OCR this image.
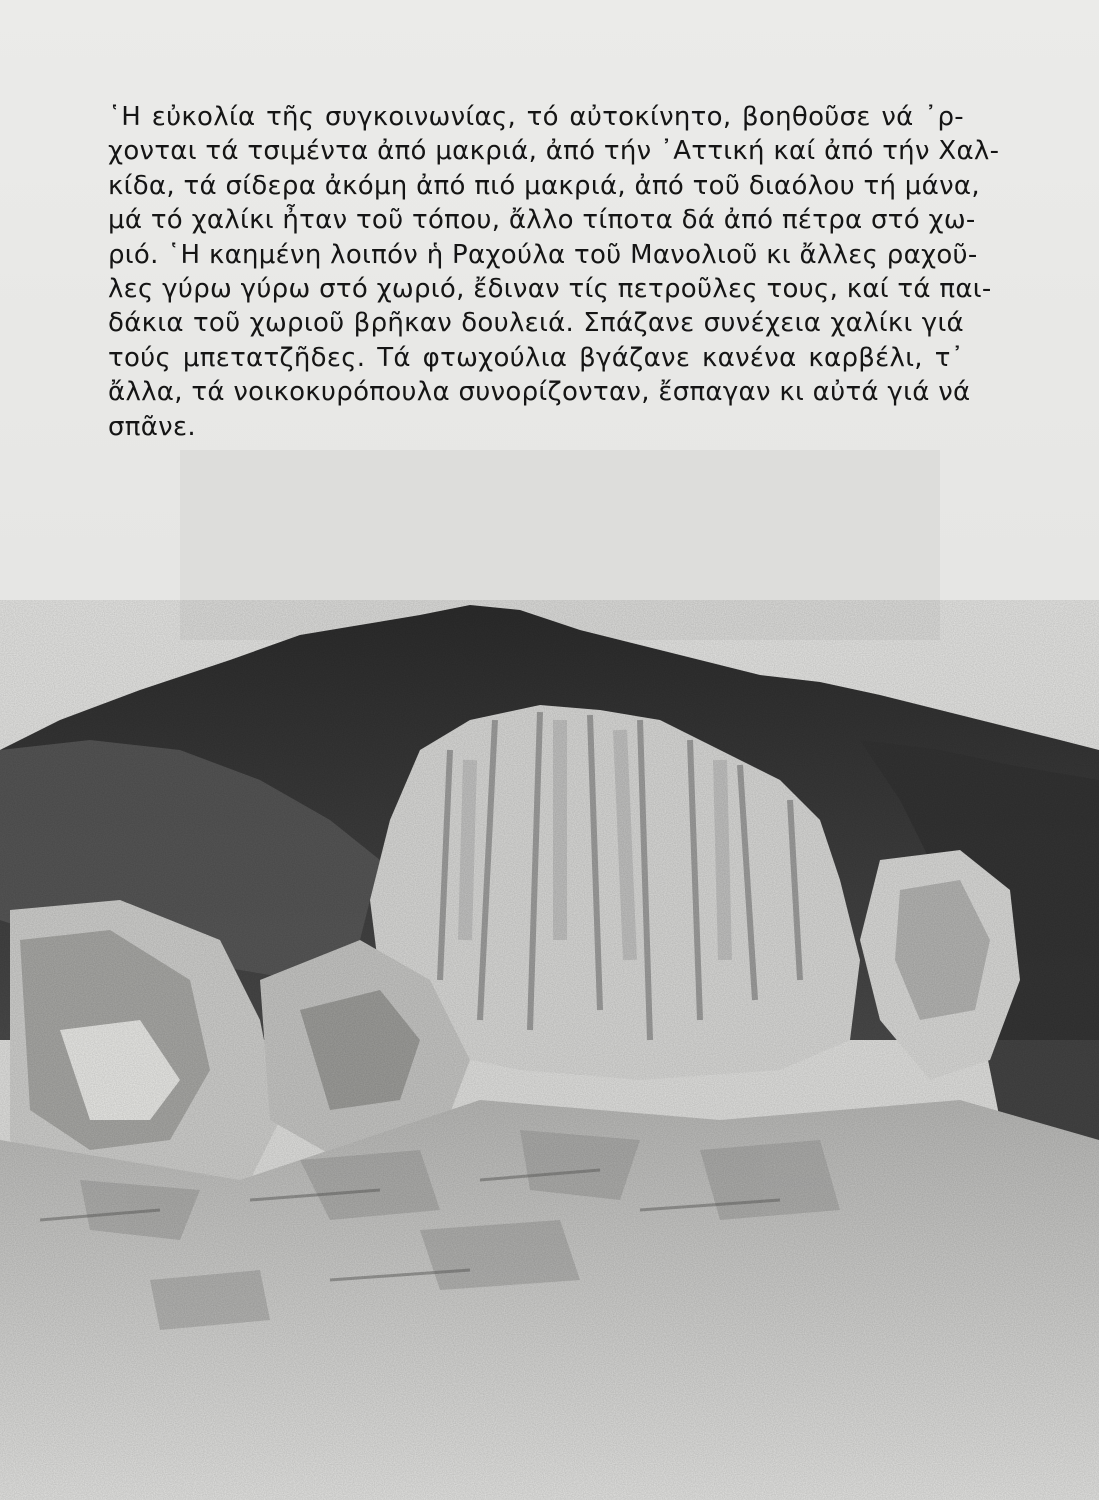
῾Η εὐκολία τῆς συγκοινωνίας, τό αὐτοκίνητο, βοηθοῦσε νά ᾽ρ-
χονται τά τσιμέντα ἀπό μακριά, ἀπό τήν ᾽Αττική καί ἀπό τήν Χαλ-
κίδα, τά σίδερα ἀκόμη ἀπό πιό μακριά, ἀπό τοῦ διαόλου τή μάνα,
μά τό χαλίκι ἦταν τοῦ τόπου, ἄλλο τίποτα δά ἀπό πέτρα στό χω-
ριό. ῾Η καημένη λοιπόν ἡ Ραχούλα τοῦ Μανολιοῦ κι ἄλλες ραχοῦ-
λες γύρω γύρω στό χωριό, ἔδιναν τίς πετροῦλες τους, καί τά παι-
δάκια τοῦ χωριοῦ βρῆκαν δουλειά. Σπάζανε συνέχεια χαλίκι γιά
τούς μπετατζῆδες. Τά φτωχούλια βγάζανε κανένα καρβέλι, τ᾽
ἄλλα, τά νοικοκυρόπουλα συνορίζονταν, ἔσπαγαν κι αὐτά γιά νά
σπᾶνε.
